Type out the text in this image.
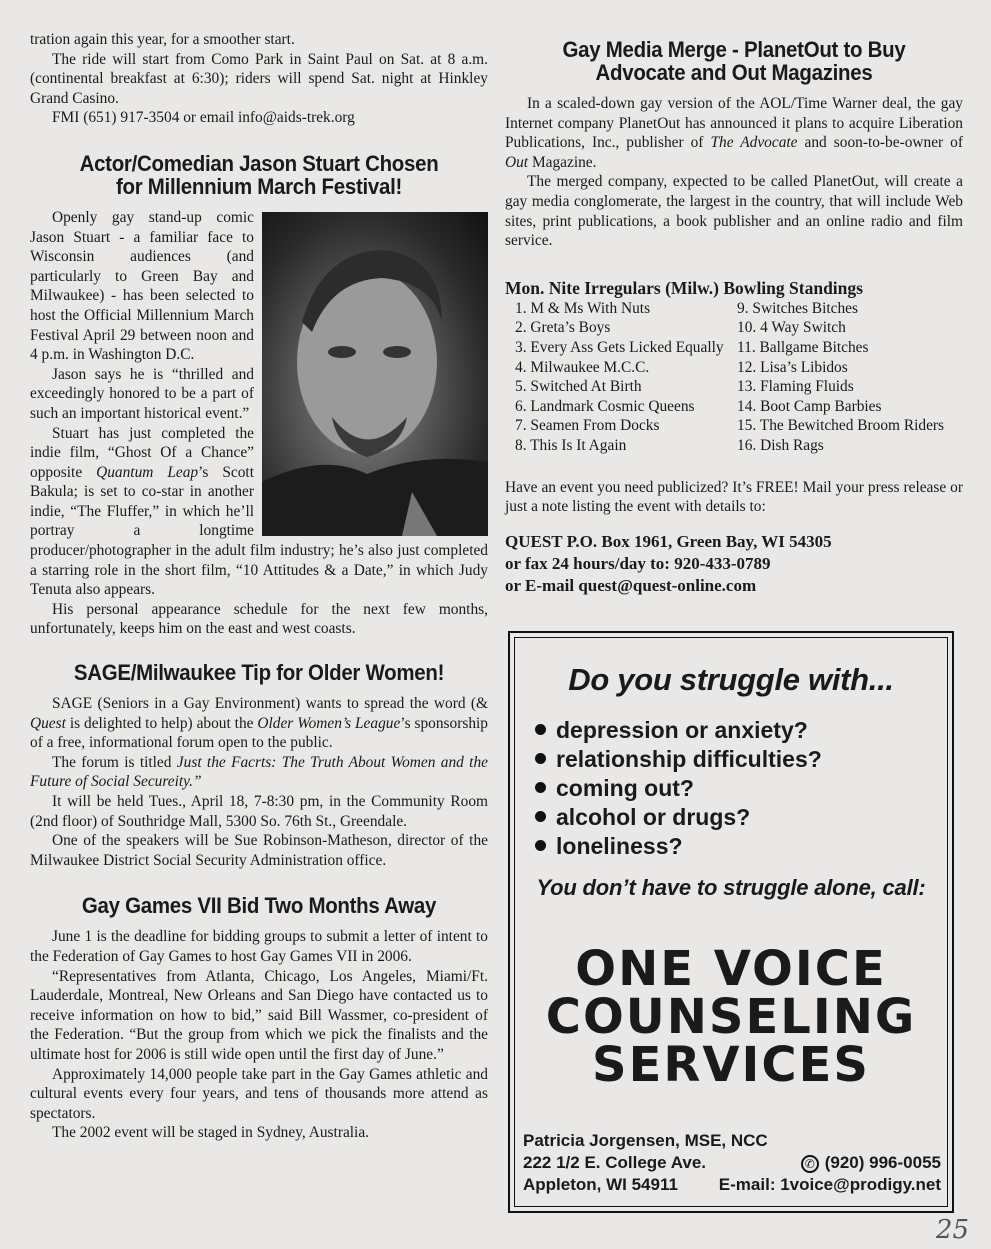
tration again this year, for a smoother start.

The ride will start from Como Park in Saint Paul on Sat. at 8 a.m. (continental breakfast at 6:30); riders will spend Sat. night at Hinkley Grand Casino.

FMI (651) 917-3504 or email info@aids-trek.org

Actor/Comedian Jason Stuart Chosen
for Millennium March Festival!

Openly gay stand-up comic Jason Stuart - a familiar face to Wisconsin audiences (and particularly to Green Bay and Milwaukee) - has been selected to host the Official Millennium March Festival April 29 between noon and 4 p.m. in Washington D.C.

Jason says he is “thrilled and exceedingly honored to be a part of such an important historical event.”

Stuart has just completed the indie film, “Ghost Of a Chance” opposite Quantum Leap’s Scott Bakula; is set to co-star in another indie, “The Fluffer,” in which he’ll portray a longtime producer/photographer in the adult film industry; he’s also just completed a starring role in the short film, “10 Attitudes & a Date,” in which Judy Tenuta also appears.

His personal appearance schedule for the next few months, unfortunately, keeps him on the east and west coasts.

SAGE/Milwaukee Tip for Older Women!

SAGE (Seniors in a Gay Environment) wants to spread the word (& Quest is delighted to help) about the Older Women’s League’s sponsorship of a free, informational forum open to the public.

The forum is titled Just the Facrts: The Truth About Women and the Future of Social Secureity.”

It will be held Tues., April 18, 7-8:30 pm, in the Community Room (2nd floor) of Southridge Mall, 5300 So. 76th St., Greendale.

One of the speakers will be Sue Robinson-Matheson, director of the Milwaukee District Social Security Administration office.

Gay Games VII Bid Two Months Away

June 1 is the deadline for bidding groups to submit a letter of intent to the Federation of Gay Games to host Gay Games VII in 2006.

“Representatives from Atlanta, Chicago, Los Angeles, Miami/Ft. Lauderdale, Montreal, New Orleans and San Diego have contacted us to receive information on how to bid,” said Bill Wassmer, co-president of the Federation. “But the group from which we pick the finalists and the ultimate host for 2006 is still wide open until the first day of June.”

Approximately 14,000 people take part in the Gay Games athletic and cultural events every four years, and tens of thousands more attend as spectators.

The 2002 event will be staged in Sydney, Australia.

Gay Media Merge - PlanetOut to Buy
Advocate and Out Magazines

In a scaled-down gay version of the AOL/Time Warner deal, the gay Internet company PlanetOut has announced it plans to acquire Liberation Publications, Inc., publisher of The Advocate and soon-to-be-owner of Out Magazine.

The merged company, expected to be called PlanetOut, will create a gay media conglomerate, the largest in the country, that will include Web sites, print publications, a book publisher and an online radio and film service.

Mon. Nite Irregulars (Milw.) Bowling Standings
1. M & Ms With Nuts
2. Greta’s Boys
3. Every Ass Gets Licked Equally
4. Milwaukee M.C.C.
5. Switched At Birth
6. Landmark Cosmic Queens
7. Seamen From Docks
8. This Is It Again
9. Switches Bitches
10. 4 Way Switch
11. Ballgame Bitches
12. Lisa’s Libidos
13. Flaming Fluids
14. Boot Camp Barbies
15. The Bewitched Broom Riders
16. Dish Rags

Have an event you need publicized? It’s FREE! Mail your press release or just a note listing the event with details to:

QUEST P.O. Box 1961, Green Bay, WI 54305
or fax 24 hours/day to: 920-433-0789
or E-mail quest@quest-online.com
Do you struggle with...
depression or anxiety?
relationship difficulties?
coming out?
alcohol or drugs?
loneliness?
You don’t have to struggle alone, call:
ONE VOICE
COUNSELING
SERVICES
Patricia Jorgensen, MSE, NCC
222 1/2 E. College Ave.	✆ (920) 996-0055
Appleton, WI 54911 E-mail: 1voice@prodigy.net
25
